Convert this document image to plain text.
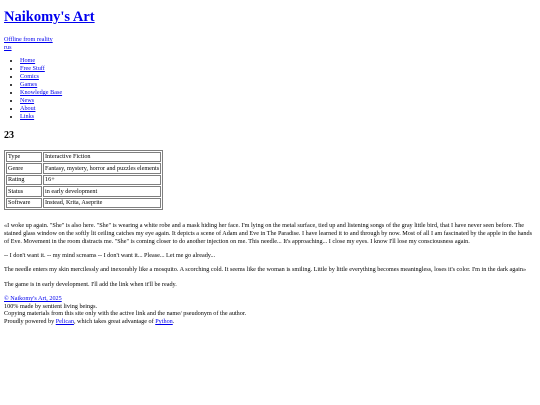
Naikomy's Art
Offline from reality
rus
• Home
• Free Stuff
• Comics
• Games
• Knowledge Base
• News
• About
• Links
23
Type	Interactive Fiction
Genre	Fantasy, mystery, horror and puzzles elements
Rating	16+
Status	in early development
Software	Instead, Krita, Aseprite

«I woke up again. "She" is also here. "She" is wearing a white robe and a mask hiding her face. I'm lying on the metal surface, tied up and listening songs of the gray little bird, that I have never seen before. The stained glass window on the softly lit ceiling catches my eye again. It depicts a scene of Adam and Eve in The Paradise. I have learned it to and through by now. Most of all I am fascinated by the apple in the hands of Eve. Movement in the room distracts me. "She" is coming closer to do another injection on me. This needle... It's approaching... I close my eyes. I know I'll lose my consciousness again.

-- I don't want it. -- my mind screams -- I don't want it... Please... Let me go already...

The needle enters my skin mercilessly and inexorably like a mosquito. A scorching cold. It seems like the woman is smiling. Little by little everything becomes meaningless, loses it's color. I'm in the dark again»

The game is in early development. I'll add the link when it'll be ready.

© Naikomy's Art, 2025
100% made by sentient living beings.
Copying materials from this site only with the active link and the name/ pseudonym of the author.
Proudly powered by Pelican, which takes great advantage of Python.
